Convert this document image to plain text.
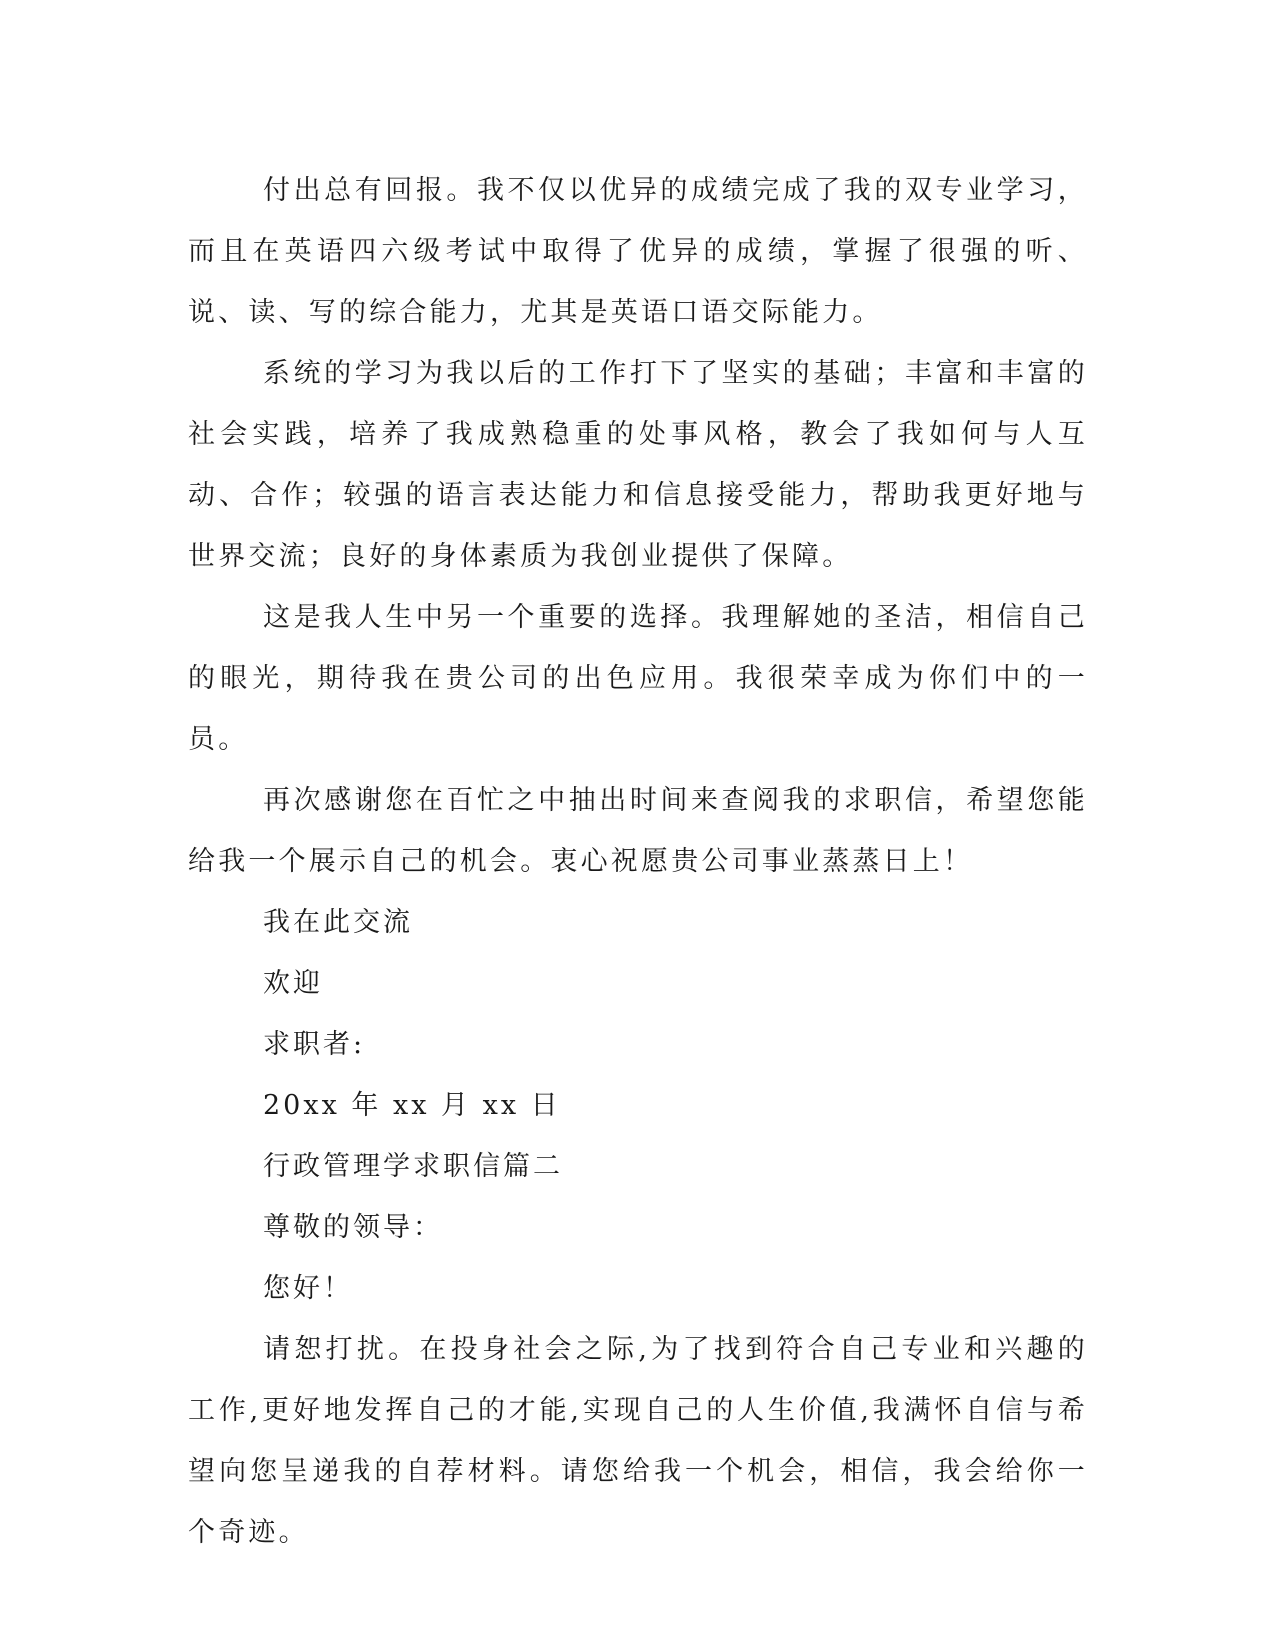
付出总有回报。我不仅以优异的成绩完成了我的双专业学习，而且在英语四六级考试中取得了优异的成绩，掌握了很强的听、说、读、写的综合能力，尤其是英语口语交际能力。

系统的学习为我以后的工作打下了坚实的基础；丰富和丰富的社会实践，培养了我成熟稳重的处事风格，教会了我如何与人互动、合作；较强的语言表达能力和信息接受能力，帮助我更好地与世界交流；良好的身体素质为我创业提供了保障。

这是我人生中另一个重要的选择。我理解她的圣洁，相信自己的眼光，期待我在贵公司的出色应用。我很荣幸成为你们中的一员。

再次感谢您在百忙之中抽出时间来查阅我的求职信，希望您能给我一个展示自己的机会。衷心祝愿贵公司事业蒸蒸日上！

我在此交流

欢迎

求职者:

20xx 年 xx 月 xx 日

行政管理学求职信篇二

尊敬的领导：

您好！

请恕打扰。在投身社会之际,为了找到符合自己专业和兴趣的工作,更好地发挥自己的才能,实现自己的人生价值,我满怀自信与希望向您呈递我的自荐材料。请您给我一个机会，相信，我会给你一个奇迹。
